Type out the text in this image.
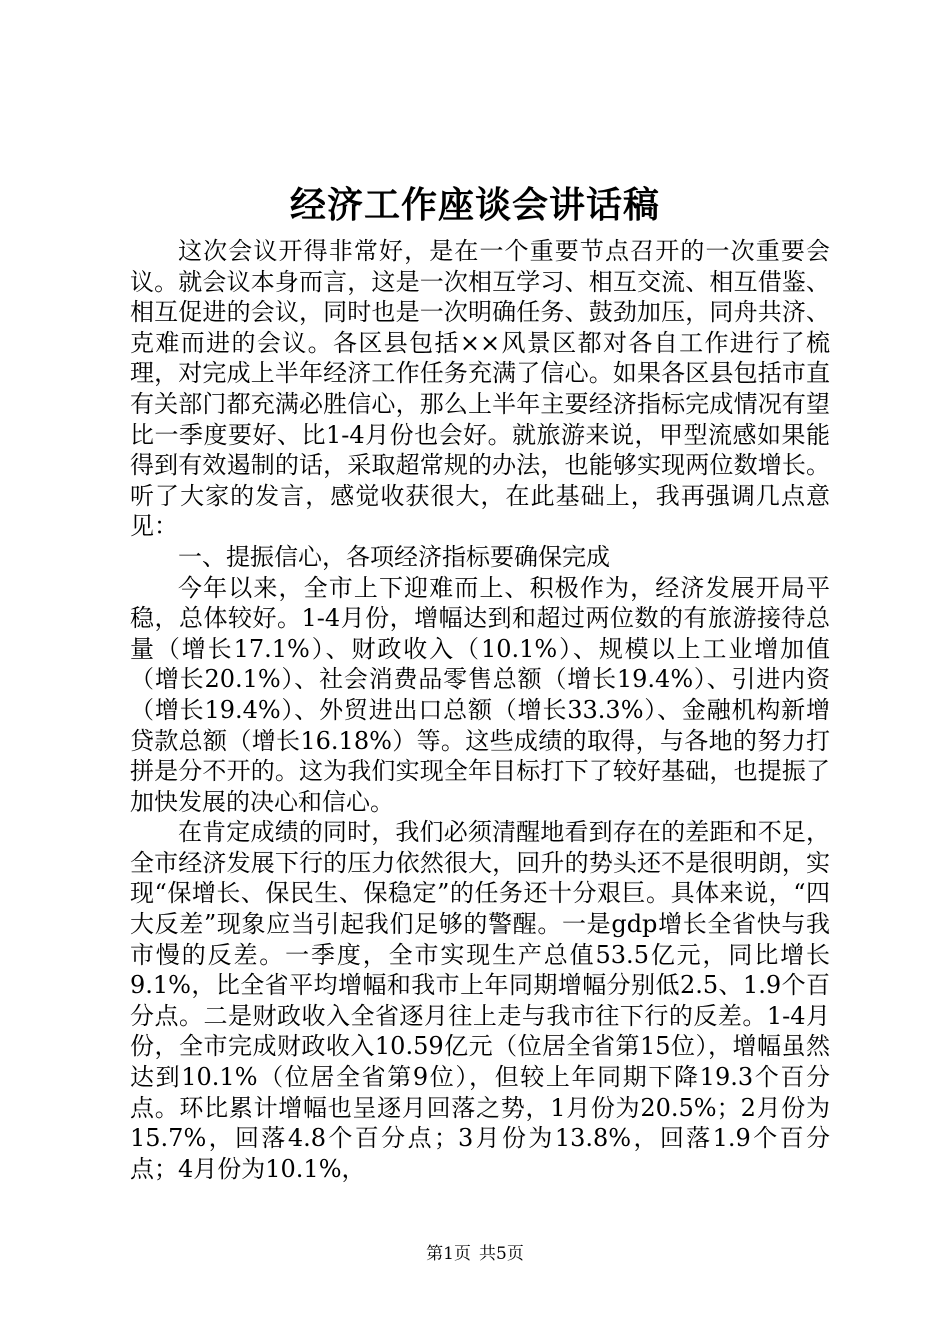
经济工作座谈会讲话稿

这次会议开得非常好，是在一个重要节点召开的一次重要会议。就会议本身而言，这是一次相互学习、相互交流、相互借鉴、相互促进的会议，同时也是一次明确任务、鼓劲加压，同舟共济、克难而进的会议。各区县包括××风景区都对各自工作进行了梳理，对完成上半年经济工作任务充满了信心。如果各区县包括市直有关部门都充满必胜信心，那么上半年主要经济指标完成情况有望比一季度要好、比1-4月份也会好。就旅游来说，甲型流感如果能得到有效遏制的话，采取超常规的办法，也能够实现两位数增长。听了大家的发言，感觉收获很大，在此基础上，我再强调几点意见：

一、提振信心，各项经济指标要确保完成

今年以来，全市上下迎难而上、积极作为，经济发展开局平稳，总体较好。1-4月份，增幅达到和超过两位数的有旅游接待总量（增长17.1%）、财政收入（10.1%）、规模以上工业增加值（增长20.1%）、社会消费品零售总额（增长19.4%）、引进内资（增长19.4%）、外贸进出口总额（增长33.3%）、金融机构新增贷款总额（增长16.18%）等。这些成绩的取得，与各地的努力打拼是分不开的。这为我们实现全年目标打下了较好基础，也提振了加快发展的决心和信心。

在肯定成绩的同时，我们必须清醒地看到存在的差距和不足，全市经济发展下行的压力依然很大，回升的势头还不是很明朗，实现“保增长、保民生、保稳定”的任务还十分艰巨。具体来说，“四大反差”现象应当引起我们足够的警醒。一是gdp增长全省快与我市慢的反差。一季度，全市实现生产总值53.5亿元，同比增长9.1%，比全省平均增幅和我市上年同期增幅分别低2.5、1.9个百分点。二是财政收入全省逐月往上走与我市往下行的反差。1-4月份，全市完成财政收入10.59亿元（位居全省第15位），增幅虽然达到10.1%（位居全省第9位），但较上年同期下降19.3个百分点。环比累计增幅也呈逐月回落之势，1月份为20.5%；2月份为15.7%，回落4.8个百分点；3月份为13.8%，回落1.9个百分点；4月份为10.1%，

第1页 共5页
